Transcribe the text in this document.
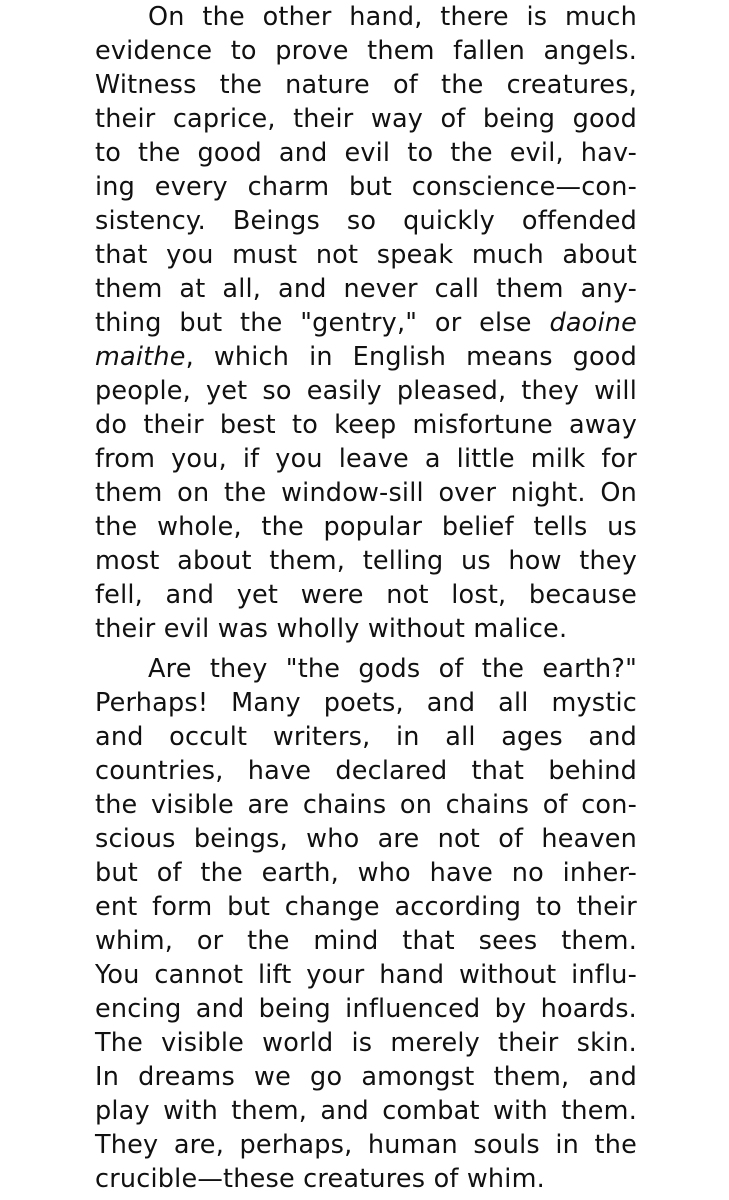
On the other hand, there is much
evidence to prove them fallen angels.
Witness the nature of the creatures,
their caprice, their way of being good
to the good and evil to the evil, hav-
ing every charm but conscience—con-
sistency. Beings so quickly offended
that you must not speak much about
them at all, and never call them any-
thing but the "gentry," or else daoine
maithe, which in English means good
people, yet so easily pleased, they will
do their best to keep misfortune away
from you, if you leave a little milk for
them on the window-sill over night. On
the whole, the popular belief tells us
most about them, telling us how they
fell, and yet were not lost, because
their evil was wholly without malice.
Are they "the gods of the earth?"
Perhaps! Many poets, and all mystic
and occult writers, in all ages and
countries, have declared that behind
the visible are chains on chains of con-
scious beings, who are not of heaven
but of the earth, who have no inher-
ent form but change according to their
whim, or the mind that sees them.
You cannot lift your hand without influ-
encing and being influenced by hoards.
The visible world is merely their skin.
In dreams we go amongst them, and
play with them, and combat with them.
They are, perhaps, human souls in the
crucible—these creatures of whim.
